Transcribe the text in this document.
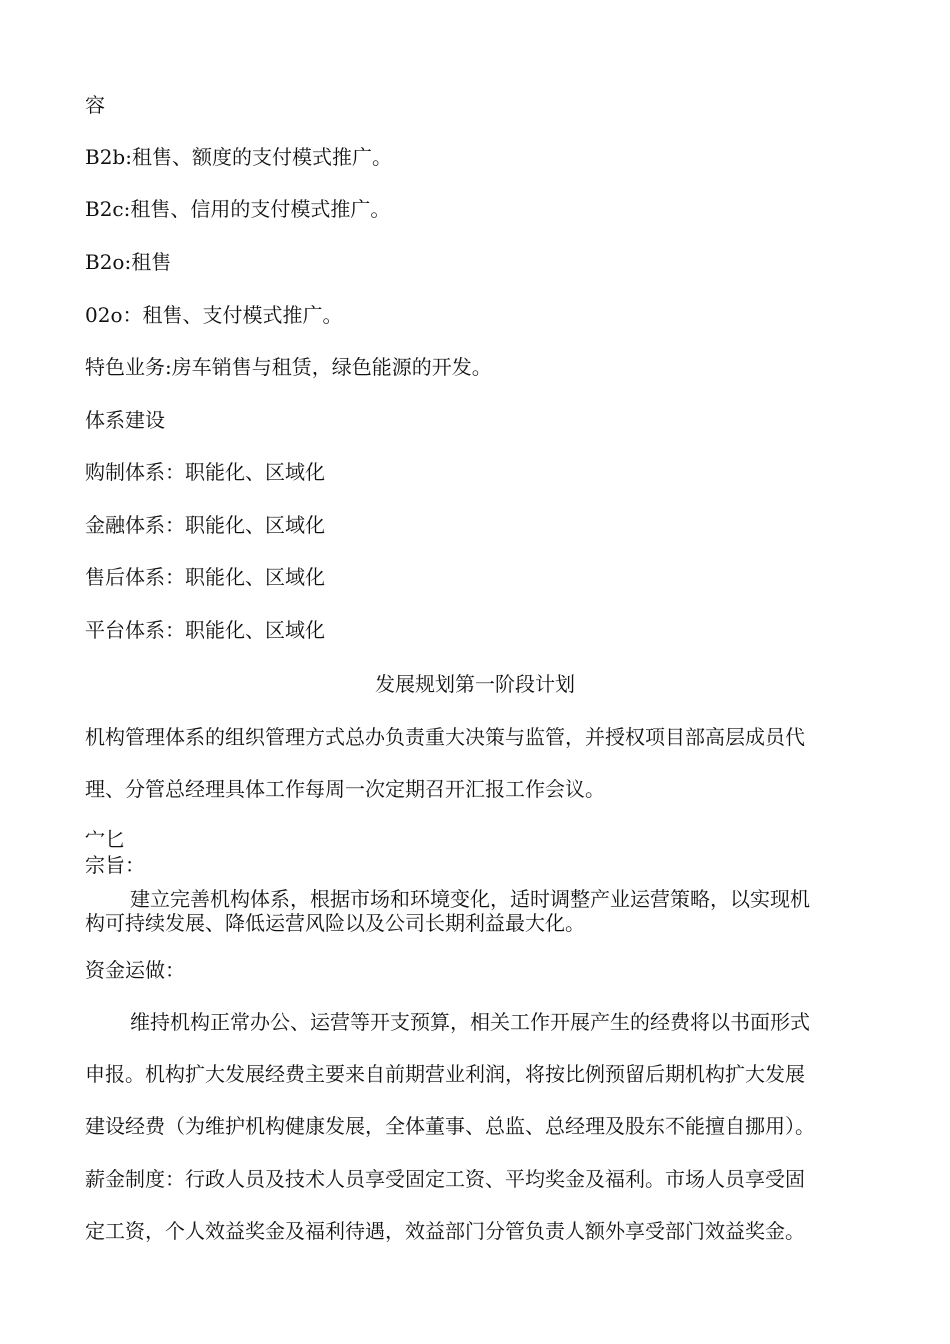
容

B2b:租售、额度的支付模式推广。

B2c:租售、信用的支付模式推广。

B2o:租售

02o：租售、支付模式推广。

特色业务:房车销售与租赁，绿色能源的开发。

体系建设

购制体系：职能化、区域化

金融体系：职能化、区域化

售后体系：职能化、区域化

平台体系：职能化、区域化

发展规划第一阶段计划

机构管理体系的组织管理方式总办负责重大决策与监管，并授权项目部高层成员代

理、分管总经理具体工作每周一次定期召开汇报工作会议。

宀匕

宗旨：

建立完善机构体系，根据市场和环境变化，适时调整产业运营策略，以实现机

构可持续发展、降低运营风险以及公司长期利益最大化。

资金运做：

维持机构正常办公、运营等开支预算，相关工作开展产生的经费将以书面形式

申报。机构扩大发展经费主要来自前期营业利润，将按比例预留后期机构扩大发展

建设经费（为维护机构健康发展，全体董事、总监、总经理及股东不能擅自挪用）。

薪金制度：行政人员及技术人员享受固定工资、平均奖金及福利。市场人员享受固

定工资，个人效益奖金及福利待遇，效益部门分管负责人额外享受部门效益奖金。
